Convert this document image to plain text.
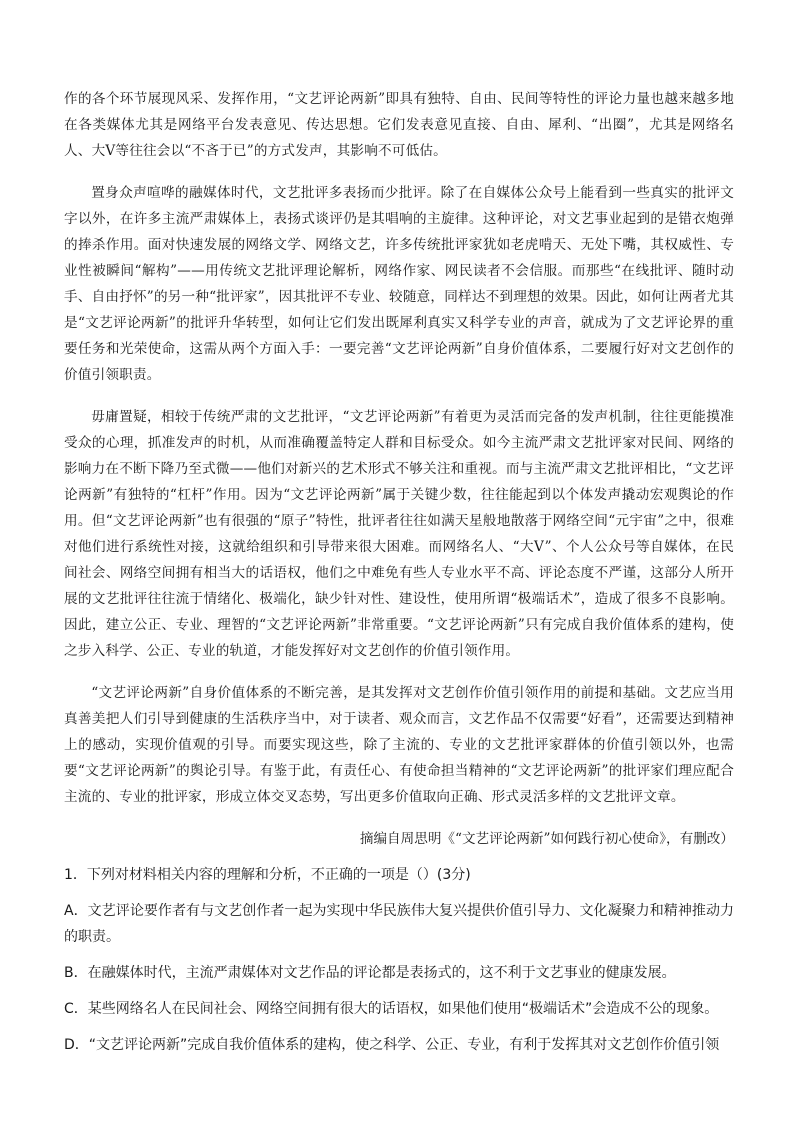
作的各个环节展现风采、发挥作用，“文艺评论两新”即具有独特、自由、民间等特性的评论力量也越来越多地在各类媒体尤其是网络平台发表意见、传达思想。它们发表意见直接、自由、犀利、“出圈”，尤其是网络名人、大V等往往会以“不吝于已”的方式发声，其影响不可低估。

置身众声喧哗的融媒体时代，文艺批评多表扬而少批评。除了在自媒体公众号上能看到一些真实的批评文字以外，在许多主流严肃媒体上，表扬式谈评仍是其唱响的主旋律。这种评论，对文艺事业起到的是错衣炮弹的捧杀作用。面对快速发展的网络文学、网络文艺，许多传统批评家犹如老虎啃天、无处下嘴，其权威性、专业性被瞬间“解构”——用传统文艺批评理论解析，网络作家、网民读者不会信服。而那些“在线批评、随时动手、自由抒怀”的另一种“批评家”，因其批评不专业、较随意，同样达不到理想的效果。因此，如何让两者尤其是“文艺评论两新”的批评升华转型，如何让它们发出既犀利真实又科学专业的声音，就成为了文艺评论界的重要任务和光荣使命，这需从两个方面入手：一要完善“文艺评论两新”自身价值体系，二要履行好对文艺创作的价值引领职责。

毋庸置疑，相较于传统严肃的文艺批评，“文艺评论两新”有着更为灵活而完备的发声机制，往往更能摸准受众的心理，抓准发声的时机，从而准确覆盖特定人群和目标受众。如今主流严肃文艺批评家对民间、网络的影响力在不断下降乃至式微——他们对新兴的艺术形式不够关注和重视。而与主流严肃文艺批评相比，“文艺评论两新”有独特的“杠杆”作用。因为“文艺评论两新”属于关键少数，往往能起到以个体发声撬动宏观舆论的作用。但“文艺评论两新”也有很强的“原子”特性，批评者往往如满天星般地散落于网络空间“元宇宙”之中，很难对他们进行系统性对接，这就给组织和引导带来很大困难。而网络名人、“大V”、个人公众号等自媒体，在民间社会、网络空间拥有相当大的话语权，他们之中难免有些人专业水平不高、评论态度不严谨，这部分人所开展的文艺批评往往流于情绪化、极端化，缺少针对性、建设性，使用所谓“极端话术”，造成了很多不良影响。因此，建立公正、专业、理智的“文艺评论两新”非常重要。“文艺评论两新”只有完成自我价值体系的建构，使之步入科学、公正、专业的轨道，才能发挥好对文艺创作的价值引领作用。

“文艺评论两新”自身价值体系的不断完善，是其发挥对文艺创作价值引领作用的前提和基础。文艺应当用真善美把人们引导到健康的生活秩序当中，对于读者、观众而言，文艺作品不仅需要“好看”，还需要达到精神上的感动，实现价值观的引导。而要实现这些，除了主流的、专业的文艺批评家群体的价值引领以外，也需要“文艺评论两新”的舆论引导。有鉴于此，有责任心、有使命担当精神的“文艺评论两新”的批评家们理应配合主流的、专业的批评家，形成立体交叉态势，写出更多价值取向正确、形式灵活多样的文艺批评文章。

摘编自周思明《“文艺评论两新”如何践行初心使命》，有删改）

1．下列对材料相关内容的理解和分析，不正确的一项是（）(3分)

A．文艺评论要作者有与文艺创作者一起为实现中华民族伟大复兴提供价值引导力、文化凝聚力和精神推动力的职责。

B．在融媒体时代，主流严肃媒体对文艺作品的评论都是表扬式的，这不利于文艺事业的健康发展。

C．某些网络名人在民间社会、网络空间拥有很大的话语权，如果他们使用“极端话术”会造成不公的现象。

D．“文艺评论两新”完成自我价值体系的建构，使之科学、公正、专业，有利于发挥其对文艺创作价值引领
